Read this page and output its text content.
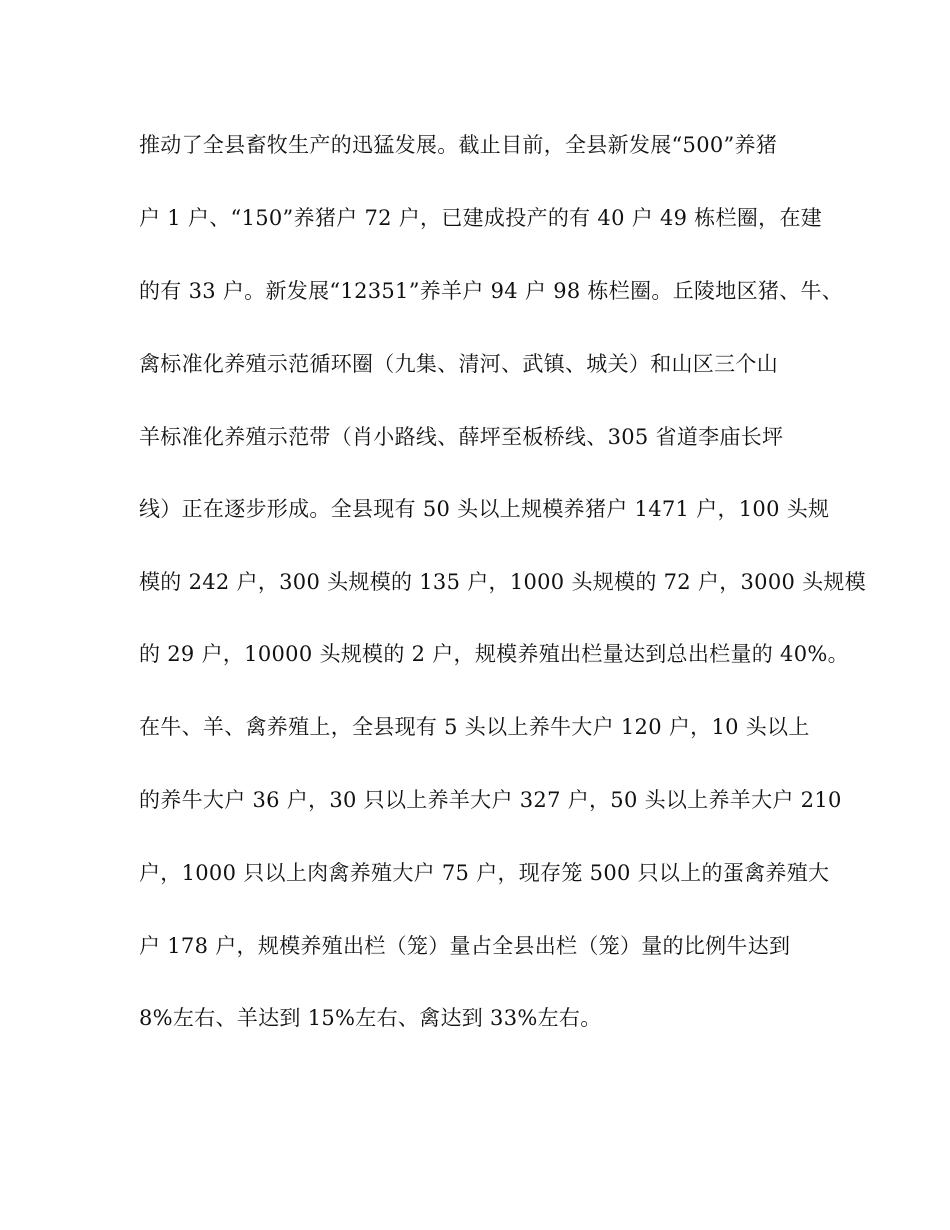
推动了全县畜牧生产的迅猛发展。截止目前，全县新发展“500”养猪
户 1 户、“150”养猪户 72 户，已建成投产的有 40 户 49 栋栏圈，在建
的有 33 户。新发展“12351”养羊户 94 户 98 栋栏圈。丘陵地区猪、牛、
禽标准化养殖示范循环圈（九集、清河、武镇、城关）和山区三个山
羊标准化养殖示范带（肖小路线、薛坪至板桥线、305 省道李庙长坪
线）正在逐步形成。全县现有 50 头以上规模养猪户 1471 户，100 头规
模的 242 户，300 头规模的 135 户，1000 头规模的 72 户，3000 头规模
的 29 户，10000 头规模的 2 户，规模养殖出栏量达到总出栏量的 40%。
在牛、羊、禽养殖上，全县现有 5 头以上养牛大户 120 户，10 头以上
的养牛大户 36 户，30 只以上养羊大户 327 户，50 头以上养羊大户 210
户，1000 只以上肉禽养殖大户 75 户，现存笼 500 只以上的蛋禽养殖大
户 178 户，规模养殖出栏（笼）量占全县出栏（笼）量的比例牛达到
8%左右、羊达到 15%左右、禽达到 33%左右。
